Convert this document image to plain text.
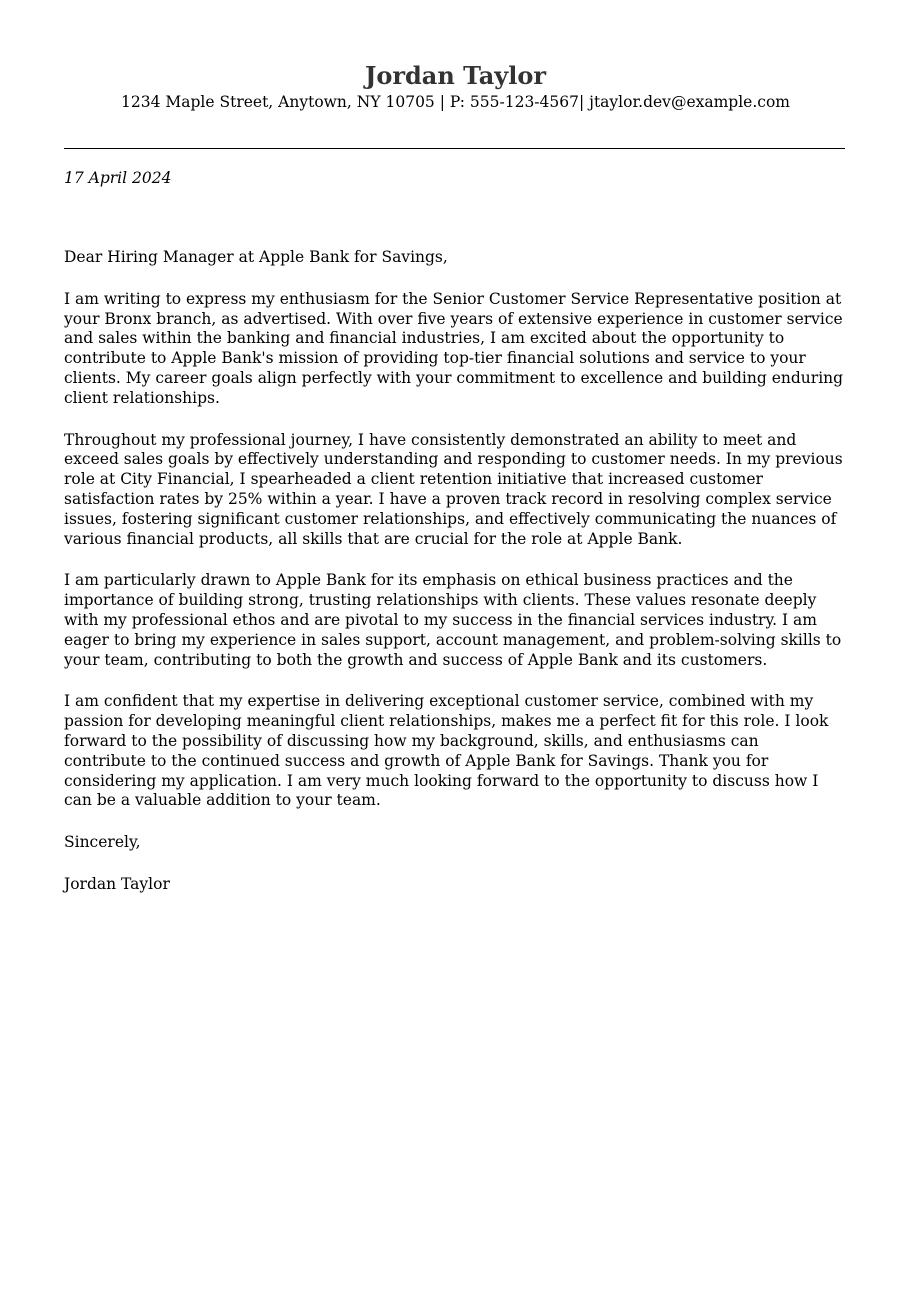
Jordan Taylor

1234 Maple Street, Anytown, NY 10705 | P: 555-123-4567| jtaylor.dev@example.com

17 April 2024

Dear Hiring Manager at Apple Bank for Savings,

I am writing to express my enthusiasm for the Senior Customer Service Representative position at your Bronx branch, as advertised. With over five years of extensive experience in customer service and sales within the banking and financial industries, I am excited about the opportunity to contribute to Apple Bank's mission of providing top-tier financial solutions and service to your clients. My career goals align perfectly with your commitment to excellence and building enduring client relationships.

Throughout my professional journey, I have consistently demonstrated an ability to meet and exceed sales goals by effectively understanding and responding to customer needs. In my previous role at City Financial, I spearheaded a client retention initiative that increased customer satisfaction rates by 25% within a year. I have a proven track record in resolving complex service issues, fostering significant customer relationships, and effectively communicating the nuances of various financial products, all skills that are crucial for the role at Apple Bank.

I am particularly drawn to Apple Bank for its emphasis on ethical business practices and the importance of building strong, trusting relationships with clients. These values resonate deeply with my professional ethos and are pivotal to my success in the financial services industry. I am eager to bring my experience in sales support, account management, and problem-solving skills to your team, contributing to both the growth and success of Apple Bank and its customers.

I am confident that my expertise in delivering exceptional customer service, combined with my passion for developing meaningful client relationships, makes me a perfect fit for this role. I look forward to the possibility of discussing how my background, skills, and enthusiasms can contribute to the continued success and growth of Apple Bank for Savings. Thank you for considering my application. I am very much looking forward to the opportunity to discuss how I can be a valuable addition to your team.

Sincerely,

Jordan Taylor
